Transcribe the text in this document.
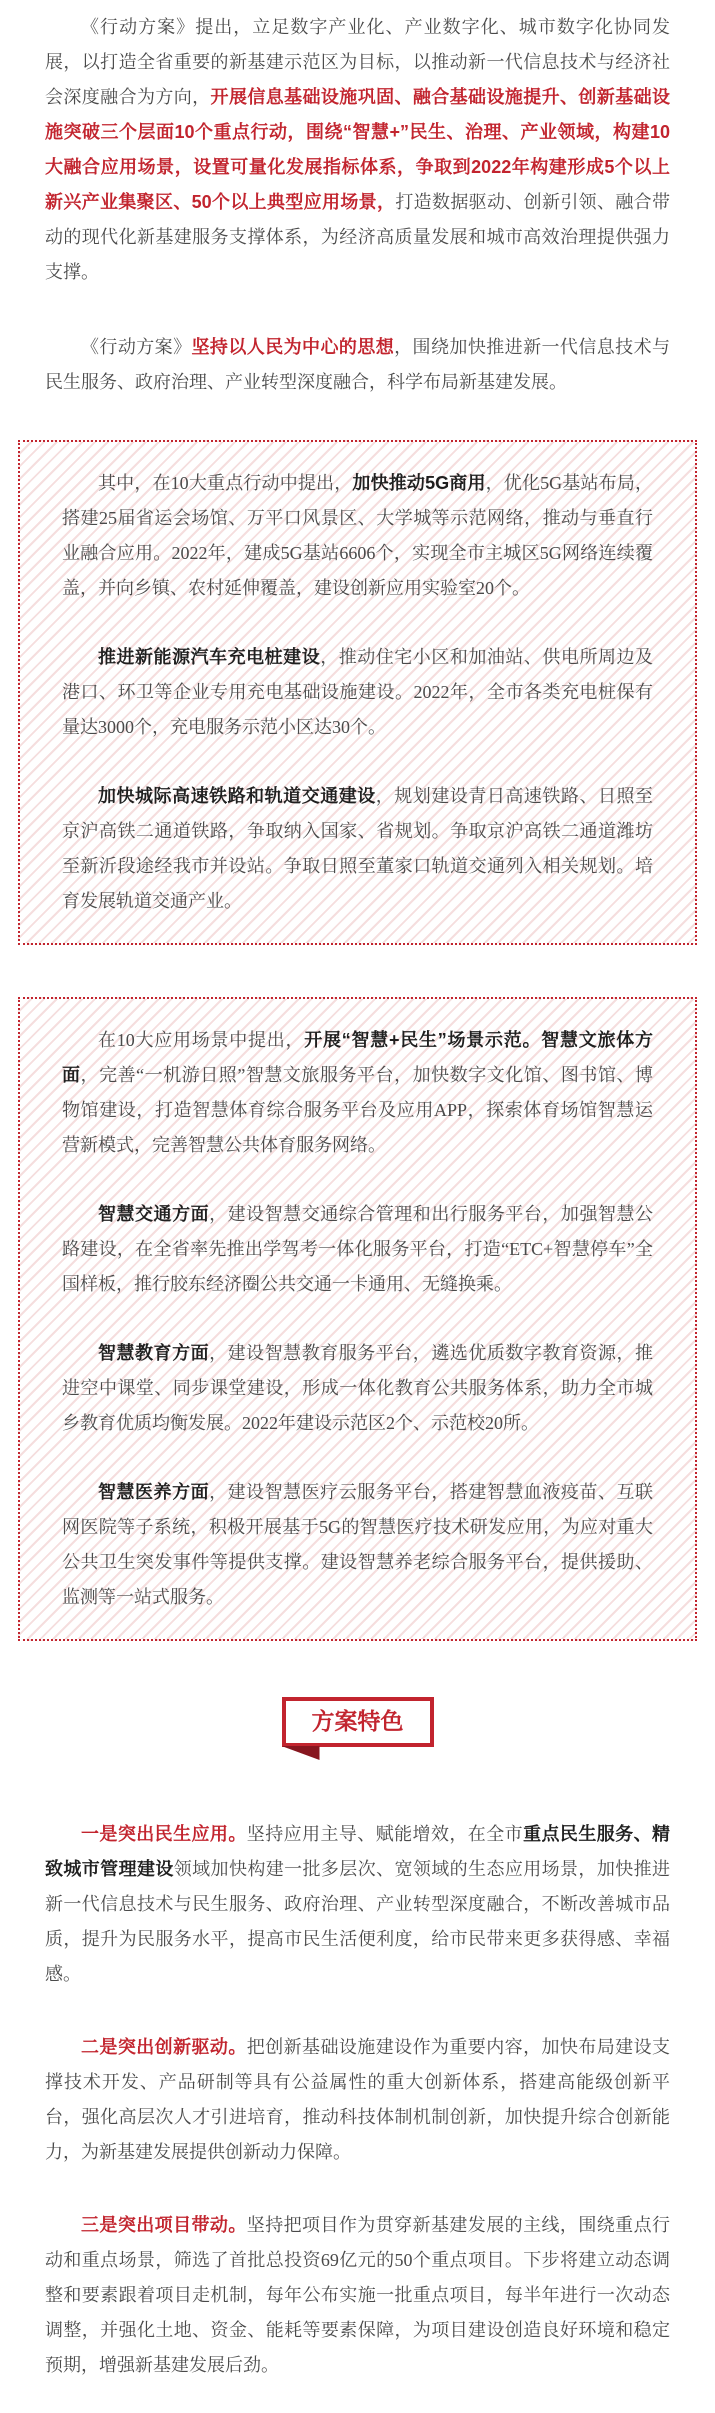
《行动方案》提出，立足数字产业化、产业数字化、城市数字化协同发展，以打造全省重要的新基建示范区为目标，以推动新一代信息技术与经济社会深度融合为方向，开展信息基础设施巩固、融合基础设施提升、创新基础设施突破三个层面10个重点行动，围绕“智慧+”民生、治理、产业领域，构建10大融合应用场景，设置可量化发展指标体系，争取到2022年构建形成5个以上新兴产业集聚区、50个以上典型应用场景，打造数据驱动、创新引领、融合带动的现代化新基建服务支撑体系，为经济高质量发展和城市高效治理提供强力支撑。

《行动方案》坚持以人民为中心的思想，围绕加快推进新一代信息技术与民生服务、政府治理、产业转型深度融合，科学布局新基建发展。

其中，在10大重点行动中提出，加快推动5G商用，优化5G基站布局，搭建25届省运会场馆、万平口风景区、大学城等示范网络，推动与垂直行业融合应用。2022年，建成5G基站6606个，实现全市主城区5G网络连续覆盖，并向乡镇、农村延伸覆盖，建设创新应用实验室20个。

推进新能源汽车充电桩建设，推动住宅小区和加油站、供电所周边及港口、环卫等企业专用充电基础设施建设。2022年，全市各类充电桩保有量达3000个，充电服务示范小区达30个。

加快城际高速铁路和轨道交通建设，规划建设青日高速铁路、日照至京沪高铁二通道铁路，争取纳入国家、省规划。争取京沪高铁二通道潍坊至新沂段途经我市并设站。争取日照至董家口轨道交通列入相关规划。培育发展轨道交通产业。

在10大应用场景中提出，开展“智慧+民生”场景示范。智慧文旅体方面，完善“一机游日照”智慧文旅服务平台，加快数字文化馆、图书馆、博物馆建设，打造智慧体育综合服务平台及应用APP，探索体育场馆智慧运营新模式，完善智慧公共体育服务网络。

智慧交通方面，建设智慧交通综合管理和出行服务平台，加强智慧公路建设，在全省率先推出学驾考一体化服务平台，打造“ETC+智慧停车”全国样板，推行胶东经济圈公共交通一卡通用、无缝换乘。

智慧教育方面，建设智慧教育服务平台，遴选优质数字教育资源，推进空中课堂、同步课堂建设，形成一体化教育公共服务体系，助力全市城乡教育优质均衡发展。2022年建设示范区2个、示范校20所。

智慧医养方面，建设智慧医疗云服务平台，搭建智慧血液疫苗、互联网医院等子系统，积极开展基于5G的智慧医疗技术研发应用，为应对重大公共卫生突发事件等提供支撑。建设智慧养老综合服务平台，提供援助、监测等一站式服务。

方案特色

一是突出民生应用。坚持应用主导、赋能增效，在全市重点民生服务、精致城市管理建设领域加快构建一批多层次、宽领域的生态应用场景，加快推进新一代信息技术与民生服务、政府治理、产业转型深度融合，不断改善城市品质，提升为民服务水平，提高市民生活便利度，给市民带来更多获得感、幸福感。

二是突出创新驱动。把创新基础设施建设作为重要内容，加快布局建设支撑技术开发、产品研制等具有公益属性的重大创新体系，搭建高能级创新平台，强化高层次人才引进培育，推动科技体制机制创新，加快提升综合创新能力，为新基建发展提供创新动力保障。

三是突出项目带动。坚持把项目作为贯穿新基建发展的主线，围绕重点行动和重点场景，筛选了首批总投资69亿元的50个重点项目。下步将建立动态调整和要素跟着项目走机制，每年公布实施一批重点项目，每半年进行一次动态调整，并强化土地、资金、能耗等要素保障，为项目建设创造良好环境和稳定预期，增强新基建发展后劲。
